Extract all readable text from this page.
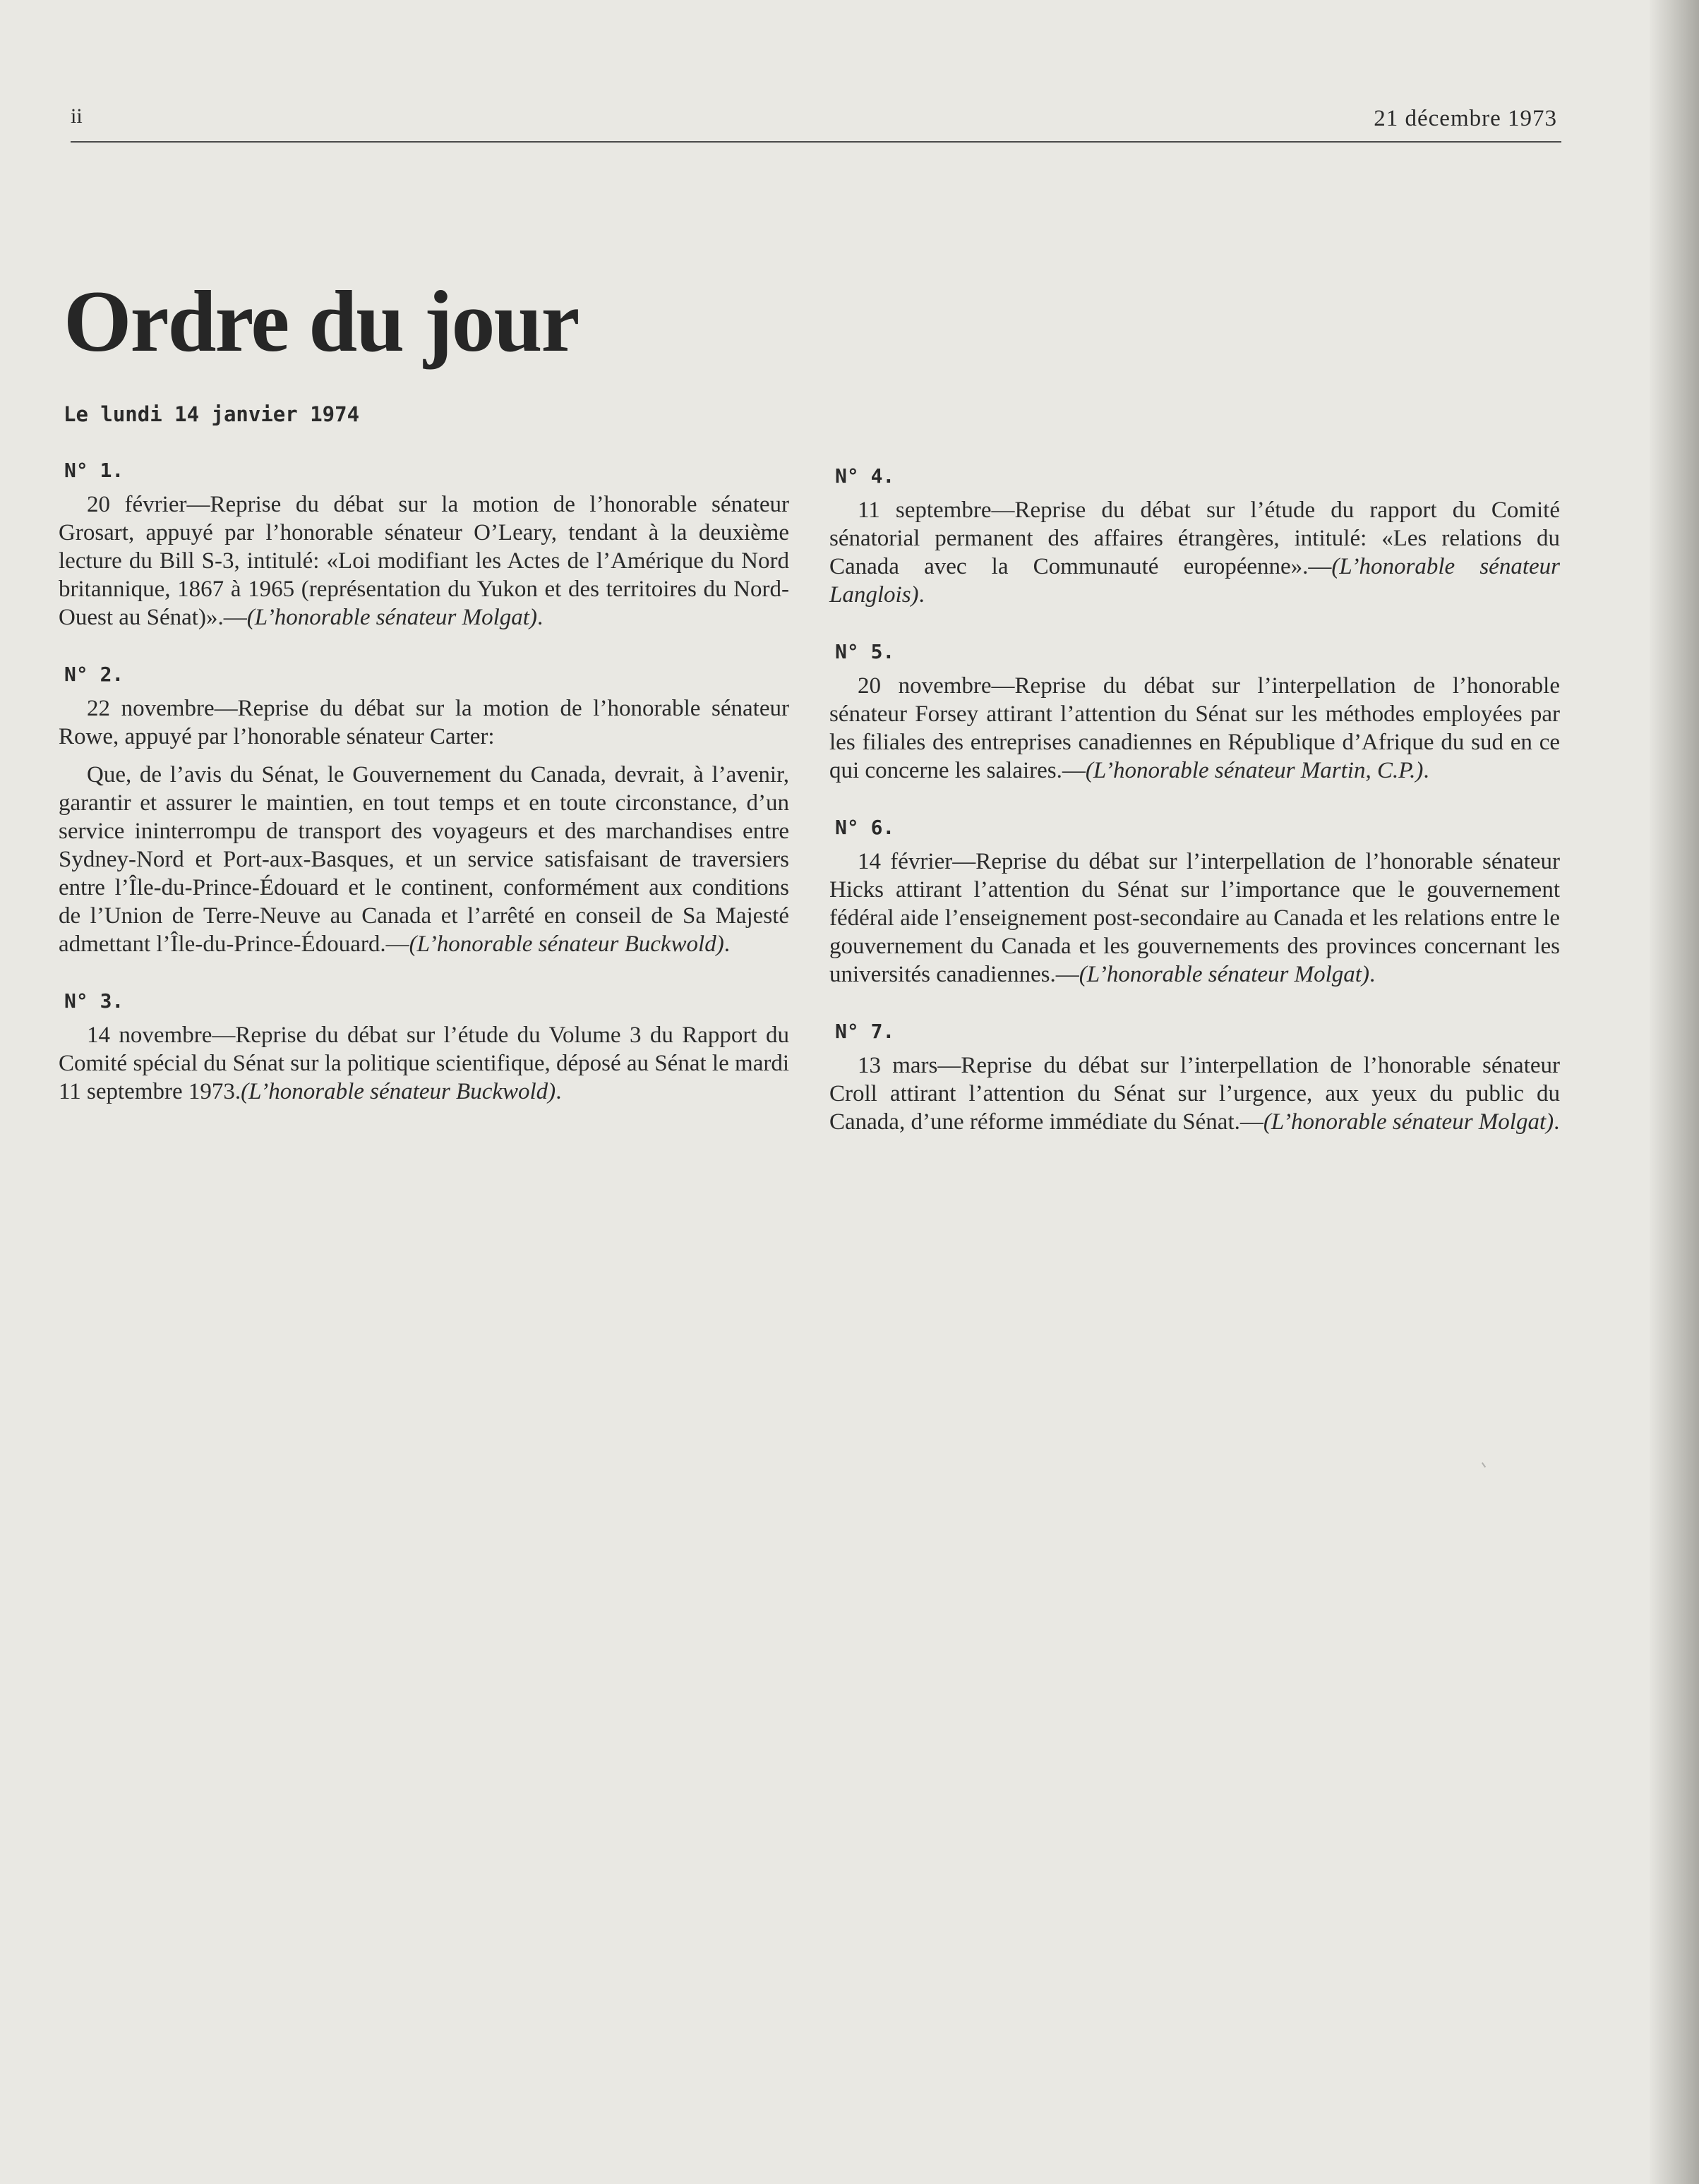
ii	21 décembre 1973
Ordre du jour
Le lundi 14 janvier 1974
N° 1.

20 février—Reprise du débat sur la motion de l’honorable sénateur Grosart, appuyé par l’honorable sénateur O’Leary, tendant à la deuxième lecture du Bill S-3, intitulé: «Loi modifiant les Actes de l’Amérique du Nord britannique, 1867 à 1965 (représentation du Yukon et des territoires du Nord-Ouest au Sénat)».—(L’honorable sénateur Molgat).

N° 2.

22 novembre—Reprise du débat sur la motion de l’honorable sénateur Rowe, appuyé par l’honorable sénateur Carter:

Que, de l’avis du Sénat, le Gouvernement du Canada, devrait, à l’avenir, garantir et assurer le maintien, en tout temps et en toute circonstance, d’un service ininterrompu de transport des voyageurs et des marchandises entre Sydney-Nord et Port-aux-Basques, et un service satisfaisant de traversiers entre l’Île-du-Prince-Édouard et le continent, conformément aux conditions de l’Union de Terre-Neuve au Canada et l’arrêté en conseil de Sa Majesté admettant l’Île-du-Prince-Édouard.—(L’honorable sénateur Buckwold).

N° 3.

14 novembre—Reprise du débat sur l’étude du Volume 3 du Rapport du Comité spécial du Sénat sur la politique scientifique, déposé au Sénat le mardi 11 septembre 1973.(L’honorable sénateur Buckwold).

N° 4.

11 septembre—Reprise du débat sur l’étude du rapport du Comité sénatorial permanent des affaires étrangères, intitulé: «Les relations du Canada avec la Communauté européenne».—(L’honorable sénateur Langlois).

N° 5.

20 novembre—Reprise du débat sur l’interpellation de l’honorable sénateur Forsey attirant l’attention du Sénat sur les méthodes employées par les filiales des entreprises canadiennes en République d’Afrique du sud en ce qui concerne les salaires.—(L’honorable sénateur Martin, C.P.).

N° 6.

14 février—Reprise du débat sur l’interpellation de l’honorable sénateur Hicks attirant l’attention du Sénat sur l’importance que le gouvernement fédéral aide l’enseignement post-secondaire au Canada et les relations entre le gouvernement du Canada et les gouvernements des provinces concernant les universités canadiennes.—(L’honorable sénateur Molgat).

N° 7.

13 mars—Reprise du débat sur l’interpellation de l’honorable sénateur Croll attirant l’attention du Sénat sur l’urgence, aux yeux du public du Canada, d’une réforme immédiate du Sénat.—(L’honorable sénateur Molgat).
